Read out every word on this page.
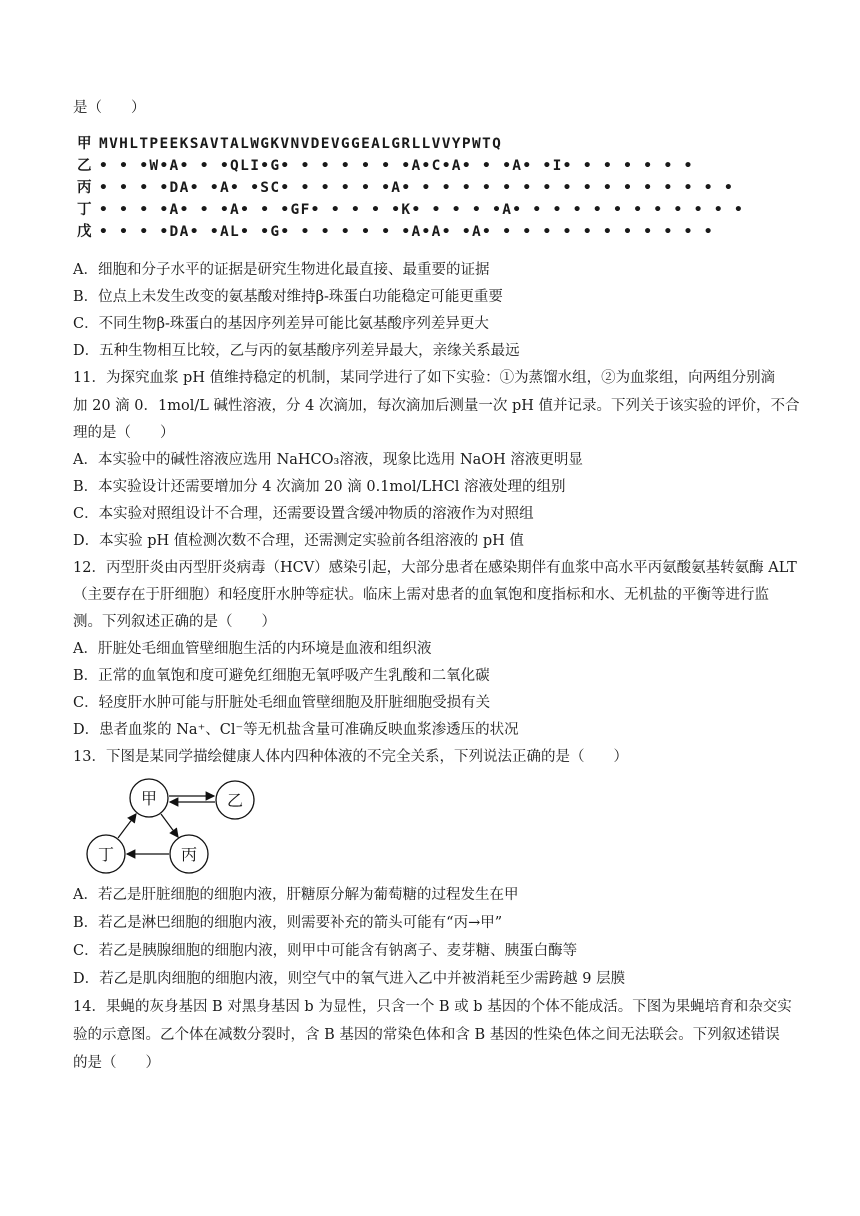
是（　　）
甲 MVHLTPEEKSAVTALWGKVNVDEVGGEALGRLLVVYPWTQ
乙 • • •W•A• • •QLI•G• • • • • • •A•C•A• • •A• •I• • • • • • •
丙 • • • •DA• •A• •SC• • • • • •A• • • • • • • • • • • • • • • • •
丁 • • • •A• • •A• • •GF• • • • •K• • • • •A• • • • • • • • • • • •
戊 • • • •DA• •AL• •G• • • • • • •A•A• •A• • • • • • • • • • • •
A．细胞和分子水平的证据是研究生物进化最直接、最重要的证据
B．位点上未发生改变的氨基酸对维持β-珠蛋白功能稳定可能更重要
C．不同生物β-珠蛋白的基因序列差异可能比氨基酸序列差异更大
D．五种生物相互比较，乙与丙的氨基酸序列差异最大，亲缘关系最远
11．为探究血浆 pH 值维持稳定的机制，某同学进行了如下实验：①为蒸馏水组，②为血浆组，向两组分别滴
加 20 滴 0．1mol/L 碱性溶液，分 4 次滴加，每次滴加后测量一次 pH 值并记录。下列关于该实验的评价，不合
理的是（　　）
A．本实验中的碱性溶液应选用 NaHCO₃溶液，现象比选用 NaOH 溶液更明显
B．本实验设计还需要增加分 4 次滴加 20 滴 0.1mol/LHCl 溶液处理的组别
C．本实验对照组设计不合理，还需要设置含缓冲物质的溶液作为对照组
D．本实验 pH 值检测次数不合理，还需测定实验前各组溶液的 pH 值
12．丙型肝炎由丙型肝炎病毒（HCV）感染引起，大部分患者在感染期伴有血浆中高水平丙氨酸氨基转氨酶 ALT
（主要存在于肝细胞）和轻度肝水肿等症状。临床上需对患者的血氧饱和度指标和水、无机盐的平衡等进行监
测。下列叙述正确的是（　　）
A．肝脏处毛细血管壁细胞生活的内环境是血液和组织液
B．正常的血氧饱和度可避免红细胞无氧呼吸产生乳酸和二氧化碳
C．轻度肝水肿可能与肝脏处毛细血管壁细胞及肝脏细胞受损有关
D．患者血浆的 Na⁺、Cl⁻等无机盐含量可准确反映血浆渗透压的状况
13．下图是某同学描绘健康人体内四种体液的不完全关系，下列说法正确的是（　　）
甲	乙
丁	丙
A．若乙是肝脏细胞的细胞内液，肝糖原分解为葡萄糖的过程发生在甲
B．若乙是淋巴细胞的细胞内液，则需要补充的箭头可能有“丙→甲”
C．若乙是胰腺细胞的细胞内液，则甲中可能含有钠离子、麦芽糖、胰蛋白酶等
D．若乙是肌肉细胞的细胞内液，则空气中的氧气进入乙中并被消耗至少需跨越 9 层膜
14．果蝇的灰身基因 B 对黑身基因 b 为显性，只含一个 B 或 b 基因的个体不能成活。下图为果蝇培育和杂交实
验的示意图。乙个体在减数分裂时，含 B 基因的常染色体和含 B 基因的性染色体之间无法联会。下列叙述错误
的是（　　）
